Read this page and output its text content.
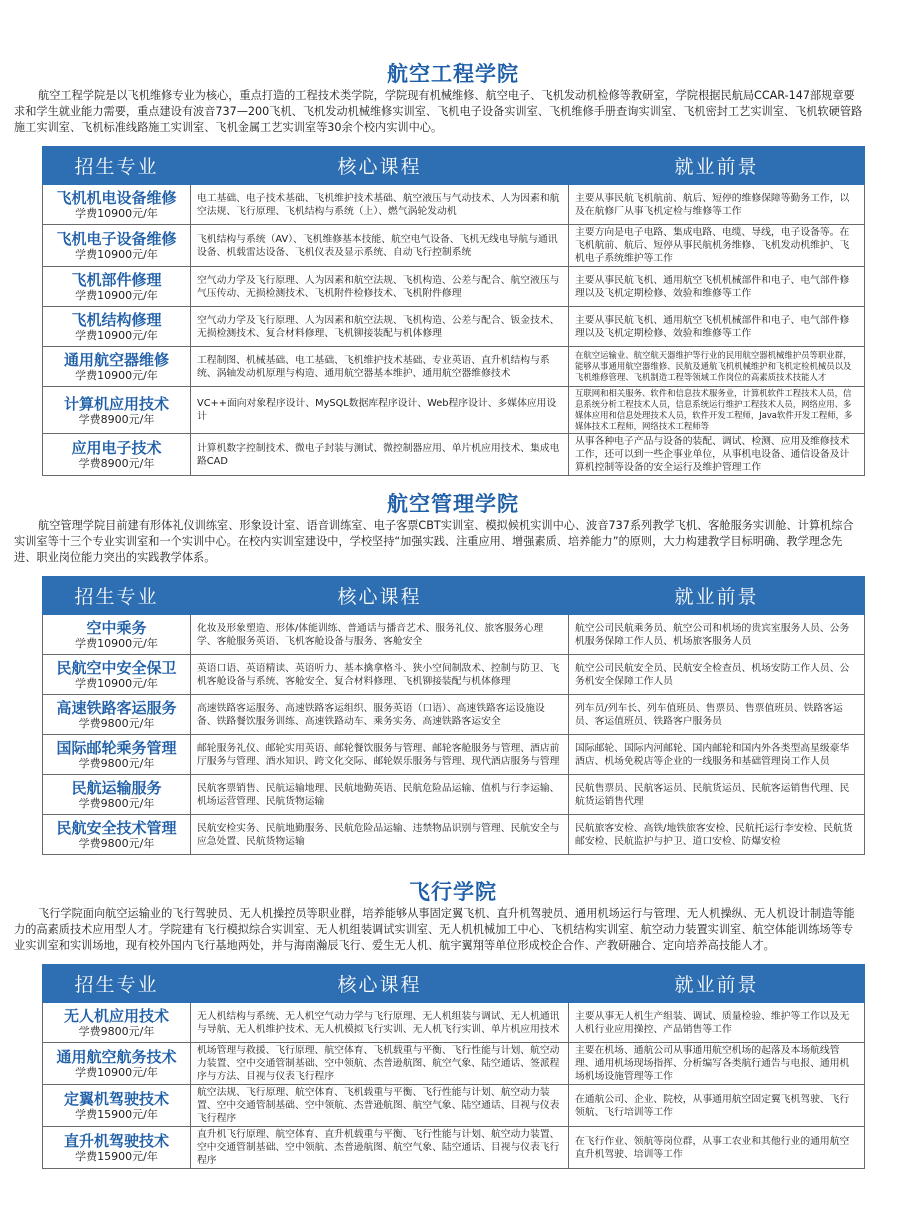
航空工程学院
航空工程学院是以飞机维修专业为核心，重点打造的工程技术类学院，学院现有机械维修、航空电子、飞机发动机检修等教研室，学院根据民航局CCAR-147部规章要求和学生就业能力需要，重点建设有波音737—200飞机、飞机发动机械维修实训室、飞机电子设备实训室、飞机维修手册查询实训室、飞机密封工艺实训室、飞机软硬管路施工实训室、飞机标准线路施工实训室、飞机金属工艺实训室等30余个校内实训中心。
招生专业	核心课程	就业前景

飞机机电设备维修
学费10900元/年	电工基础、电子技术基础、飞机维护技术基础、航空液压与气动技术、人为因素和航空法规、飞行原理、飞机结构与系统（上）、燃气涡轮发动机	主要从事民航飞机航前、航后、短停的维修保障等勤务工作，以及在航修厂从事飞机定检与维修等工作

飞机电子设备维修
学费10900元/年	飞机结构与系统（AV）、飞机维修基本技能、航空电气设备、飞机无线电导航与通讯设备、机载雷达设备、飞机仪表及显示系统、自动飞行控制系统	主要方向是电子电路、集成电路、电缆、导线，电子设备等。在飞机航前、航后、短停从事民航机务维修、飞机发动机维护、飞机电子系统维护等工作

飞机部件修理
学费10900元/年	空气动力学及飞行原理、人为因素和航空法规、飞机构造、公差与配合、航空液压与气压传动、无损检测技术、飞机附件检修技术、飞机附件修理	主要从事民航飞机、通用航空飞机机械部件和电子、电气部件修理以及飞机定期检修、效验和维修等工作

飞机结构修理
学费10900元/年	空气动力学及飞行原理、人为因素和航空法规、飞机构造、公差与配合、钣金技术、无损检测技术、复合材料修理、飞机铆接装配与机体修理	主要从事民航飞机、通用航空飞机机械部件和电子、电气部件修理以及飞机定期检修、效验和维修等工作

通用航空器维修
学费10900元/年	工程制图、机械基础、电工基础、飞机维护技术基础、专业英语、直升机结构与系统、涡轴发动机原理与构造、通用航空器基本维护、通用航空器维修技术	在航空运输业、航空航天器维护等行业的民用航空器机械维护员等职业群，能够从事通用航空器维修、民航及通航飞机机械维护和飞机定检机械员以及飞机维修管理、飞机制造工程等领域工作岗位的高素质技术技能人才

计算机应用技术
学费8900元/年	VC++面向对象程序设计、MySQL数据库程序设计、Web程序设计、多媒体应用设计	互联网和相关服务、软件和信息技术服务业，计算机软件工程技术人员，信息系统分析工程技术人员，信息系统运行维护工程技术人员，网络应用、多媒体应用和信息处理技术人员，软件开发工程师，Java软件开发工程师，多媒体技术工程师，网络技术工程师等

应用电子技术
学费8900元/年	计算机数字控制技术、微电子封装与测试、微控制器应用、单片机应用技术、集成电路CAD	从事各种电子产品与设备的装配、调试、检测、应用及维修技术工作，还可以到一些企事业单位，从事机电设备、通信设备及计算机控制等设备的安全运行及维护管理工作
航空管理学院
航空管理学院目前建有形体礼仪训练室、形象设计室、语音训练室、电子客票CBT实训室、模拟候机实训中心、波音737系列教学飞机、客舱服务实训舱、计算机综合实训室等十三个专业实训室和一个实训中心。在校内实训室建设中，学校坚持“加强实践、注重应用、增强素质、培养能力”的原则，大力构建教学目标明确、教学理念先进、职业岗位能力突出的实践教学体系。
招生专业	核心课程	就业前景

空中乘务
学费10900元/年	化妆及形象塑造、形体/体能训练、普通话与播音艺术、服务礼仪、旅客服务心理学、客舱服务英语、飞机客舱设备与服务、客舱安全	航空公司民航乘务员、航空公司和机场的贵宾室服务人员、公务机服务保障工作人员、机场旅客服务人员

民航空中安全保卫
学费10900元/年	英语口语、英语精读、英语听力、基本擒拿格斗、狭小空间制敌术、控制与防卫、飞机客舱设备与系统、客舱安全、复合材料修理、飞机铆接装配与机体修理	航空公司民航安全员、民航安全检查员、机场安防工作人员、公务机安全保障工作人员

高速铁路客运服务
学费9800元/年	高速铁路客运服务、高速铁路客运组织、服务英语（口语）、高速铁路客运设施设备、铁路餐饮服务训练、高速铁路动车、乘务实务、高速铁路客运安全	列车员/列车长、列车值班员、售票员、售票值班员、铁路客运员、客运值班员、铁路客户服务员

国际邮轮乘务管理
学费9800元/年	邮轮服务礼仪、邮轮实用英语、邮轮餐饮服务与管理、邮轮客舱服务与管理、酒店前厅服务与管理、酒水知识、跨文化交际、邮轮娱乐服务与管理、现代酒店服务与管理	国际邮轮、国际内河邮轮、国内邮轮和国内外各类型高星级豪华酒店、机场免税店等企业的一线服务和基础管理岗工作人员

民航运输服务
学费9800元/年	民航客票销售、民航运输地理、民航地勤英语、民航危险品运输、值机与行李运输、机场运营管理、民航货物运输	民航售票员、民航客运员、民航货运员、民航客运销售代理、民航货运销售代理

民航安全技术管理
学费9800元/年	民航安检实务、民航地勤服务、民航危险品运输、违禁物品识别与管理、民航安全与应急处置、民航货物运输	民航旅客安检、高铁/地铁旅客安检、民航托运行李安检、民航货邮安检、民航监护与护卫、道口安检、防爆安检
飞行学院
飞行学院面向航空运输业的飞行驾驶员、无人机操控员等职业群，培养能够从事固定翼飞机、直升机驾驶员、通用机场运行与管理、无人机操纵、无人机设计制造等能力的高素质技术应用型人才。学院建有飞行模拟综合实训室、无人机组装调试实训室、无人机机械加工中心、飞机结构实训室、航空动力装置实训室、航空体能训练场等专业实训室和实训场地，现有校外国内飞行基地两处，并与海南瀚辰飞行、爱生无人机、航宇翼翔等单位形成校企合作、产教研融合、定向培养高技能人才。
招生专业	核心课程	就业前景

无人机应用技术
学费9800元/年	无人机结构与系统、无人机空气动力学与飞行原理、无人机组装与调试、无人机通讯与导航、无人机维护技术、无人机模拟飞行实训、无人机飞行实训、单片机应用技术	主要从事无人机生产组装、调试、质量检验、维护等工作以及无人机行业应用操控、产品销售等工作

通用航空航务技术
学费10900元/年	机场管理与救援、飞行原理、航空体育、飞机载重与平衡、飞行性能与计划、航空动力装置、空中交通管制基础、空中领航、杰普逊航图、航空气象、陆空通话、签派程序与方法、目视与仪表飞行程序	主要在机场、通航公司从事通用航空机场的起落及本场航线管理、通用机场现场指挥、分析编写各类航行通告与电报、通用机场机场设施管理等工作

定翼机驾驶技术
学费15900元/年	航空法规、飞行原理、航空体育、飞机载重与平衡、飞行性能与计划、航空动力装置、空中交通管制基础、空中领航、杰普逊航图、航空气象、陆空通话、目视与仪表飞行程序	在通航公司、企业、院校，从事通用航空固定翼飞机驾驶、飞行领航、飞行培训等工作

直升机驾驶技术
学费15900元/年	直升机飞行原理、航空体育、直升机载重与平衡、飞行性能与计划、航空动力装置、空中交通管制基础、空中领航、杰普逊航图、航空气象、陆空通话、目视与仪表飞行程序	在飞行作业、领航等岗位群，从事工农业和其他行业的通用航空直升机驾驶、培训等工作
